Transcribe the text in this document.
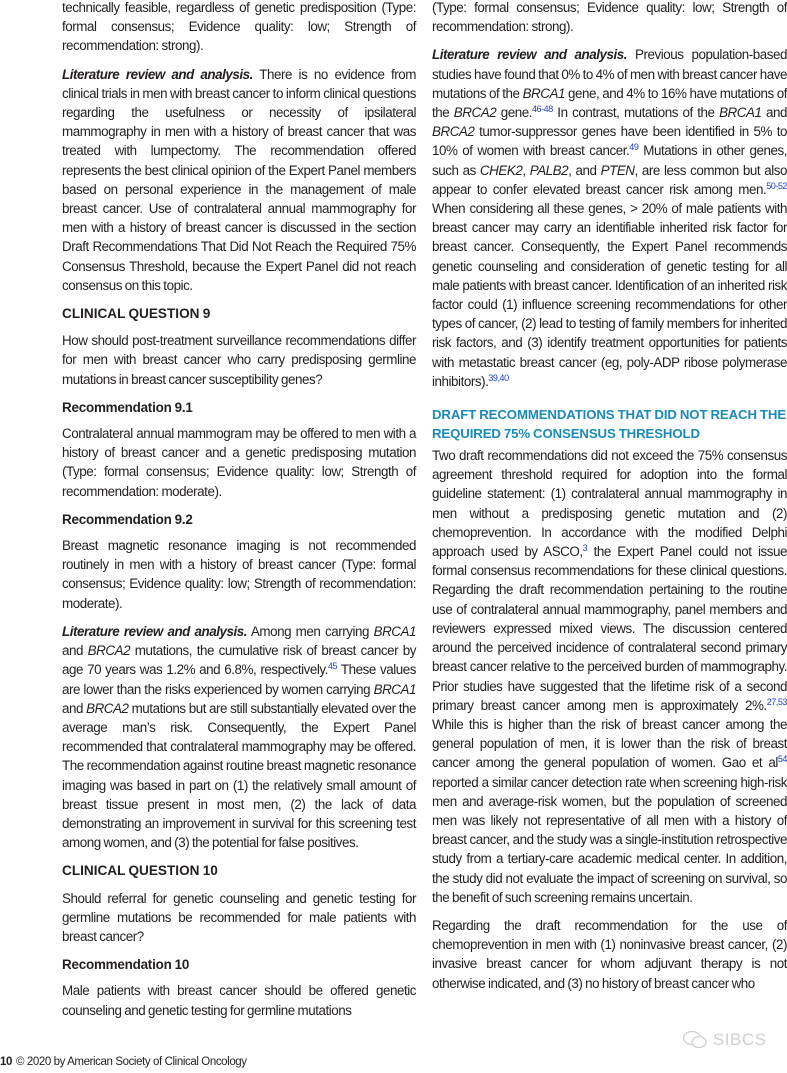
technically feasible, regardless of genetic predisposition (Type: formal consensus; Evidence quality: low; Strength of recommendation: strong).

Literature review and analysis. There is no evidence from clinical trials in men with breast cancer to inform clinical questions regarding the usefulness or necessity of ipsilateral mammography in men with a history of breast cancer that was treated with lumpectomy. The recommendation offered represents the best clinical opinion of the Expert Panel members based on personal experience in the management of male breast cancer. Use of contralateral annual mammography for men with a history of breast cancer is discussed in the section Draft Recommendations That Did Not Reach the Required 75% Consensus Threshold, because the Expert Panel did not reach consensus on this topic.

CLINICAL QUESTION 9

How should post-treatment surveillance recommendations differ for men with breast cancer who carry predisposing germline mutations in breast cancer susceptibility genes?

Recommendation 9.1

Contralateral annual mammogram may be offered to men with a history of breast cancer and a genetic predisposing mutation (Type: formal consensus; Evidence quality: low; Strength of recommendation: moderate).

Recommendation 9.2

Breast magnetic resonance imaging is not recommended routinely in men with a history of breast cancer (Type: formal consensus; Evidence quality: low; Strength of recommendation: moderate).

Literature review and analysis. Among men carrying BRCA1 and BRCA2 mutations, the cumulative risk of breast cancer by age 70 years was 1.2% and 6.8%, respectively.$^{45}$ These values are lower than the risks experienced by women carrying BRCA1 and BRCA2 mutations but are still substantially elevated over the average man’s risk. Consequently, the Expert Panel recommended that contralateral mammography may be offered. The recommendation against routine breast magnetic resonance imaging was based in part on (1) the relatively small amount of breast tissue present in most men, (2) the lack of data demonstrating an improvement in survival for this screening test among women, and (3) the potential for false positives.

CLINICAL QUESTION 10

Should referral for genetic counseling and genetic testing for germline mutations be recommended for male patients with breast cancer?

Recommendation 10

Male patients with breast cancer should be offered genetic counseling and genetic testing for germline mutations

(Type: formal consensus; Evidence quality: low; Strength of recommendation: strong).

Literature review and analysis. Previous population-based studies have found that 0% to 4% of men with breast cancer have mutations of the BRCA1 gene, and 4% to 16% have mutations of the BRCA2 gene.$^{46-48}$ In contrast, mutations of the BRCA1 and BRCA2 tumor-suppressor genes have been identified in 5% to 10% of women with breast cancer.$^{49}$ Mutations in other genes, such as CHEK2, PALB2, and PTEN, are less common but also appear to confer elevated breast cancer risk among men.$^{50-52}$ When considering all these genes, > 20% of male patients with breast cancer may carry an identifiable inherited risk factor for breast cancer. Consequently, the Expert Panel recommends genetic counseling and consideration of genetic testing for all male patients with breast cancer. Identification of an inherited risk factor could (1) influence screening recommendations for other types of cancer, (2) lead to testing of family members for inherited risk factors, and (3) identify treatment opportunities for patients with metastatic breast cancer (eg, poly-ADP ribose polymerase inhibitors).$^{39,40}$

DRAFT RECOMMENDATIONS THAT DID NOT REACH THE REQUIRED 75% CONSENSUS THRESHOLD

Two draft recommendations did not exceed the 75% consensus agreement threshold required for adoption into the formal guideline statement: (1) contralateral annual mammography in men without a predisposing genetic mutation and (2) chemoprevention. In accordance with the modified Delphi approach used by ASCO,$^3$ the Expert Panel could not issue formal consensus recommendations for these clinical questions. Regarding the draft recommendation pertaining to the routine use of contralateral annual mammography, panel members and reviewers expressed mixed views. The discussion centered around the perceived incidence of contralateral second primary breast cancer relative to the perceived burden of mammography. Prior studies have suggested that the lifetime risk of a second primary breast cancer among men is approximately 2%.$^{27,53}$ While this is higher than the risk of breast cancer among the general population of men, it is lower than the risk of breast cancer among the general population of women. Gao et $al^{54}$ reported a similar cancer detection rate when screening high-risk men and average-risk women, but the population of screened men was likely not representative of all men with a history of breast cancer, and the study was a single-institution retrospective study from a tertiary-care academic medical center. In addition, the study did not evaluate the impact of screening on survival, so the benefit of such screening remains uncertain.

Regarding the draft recommendation for the use of chemoprevention in men with (1) noninvasive breast cancer, (2) invasive breast cancer for whom adjuvant therapy is not otherwise indicated, and (3) no history of breast cancer who

10 © 2020 by American Society of Clinical Oncology
SIBCS
